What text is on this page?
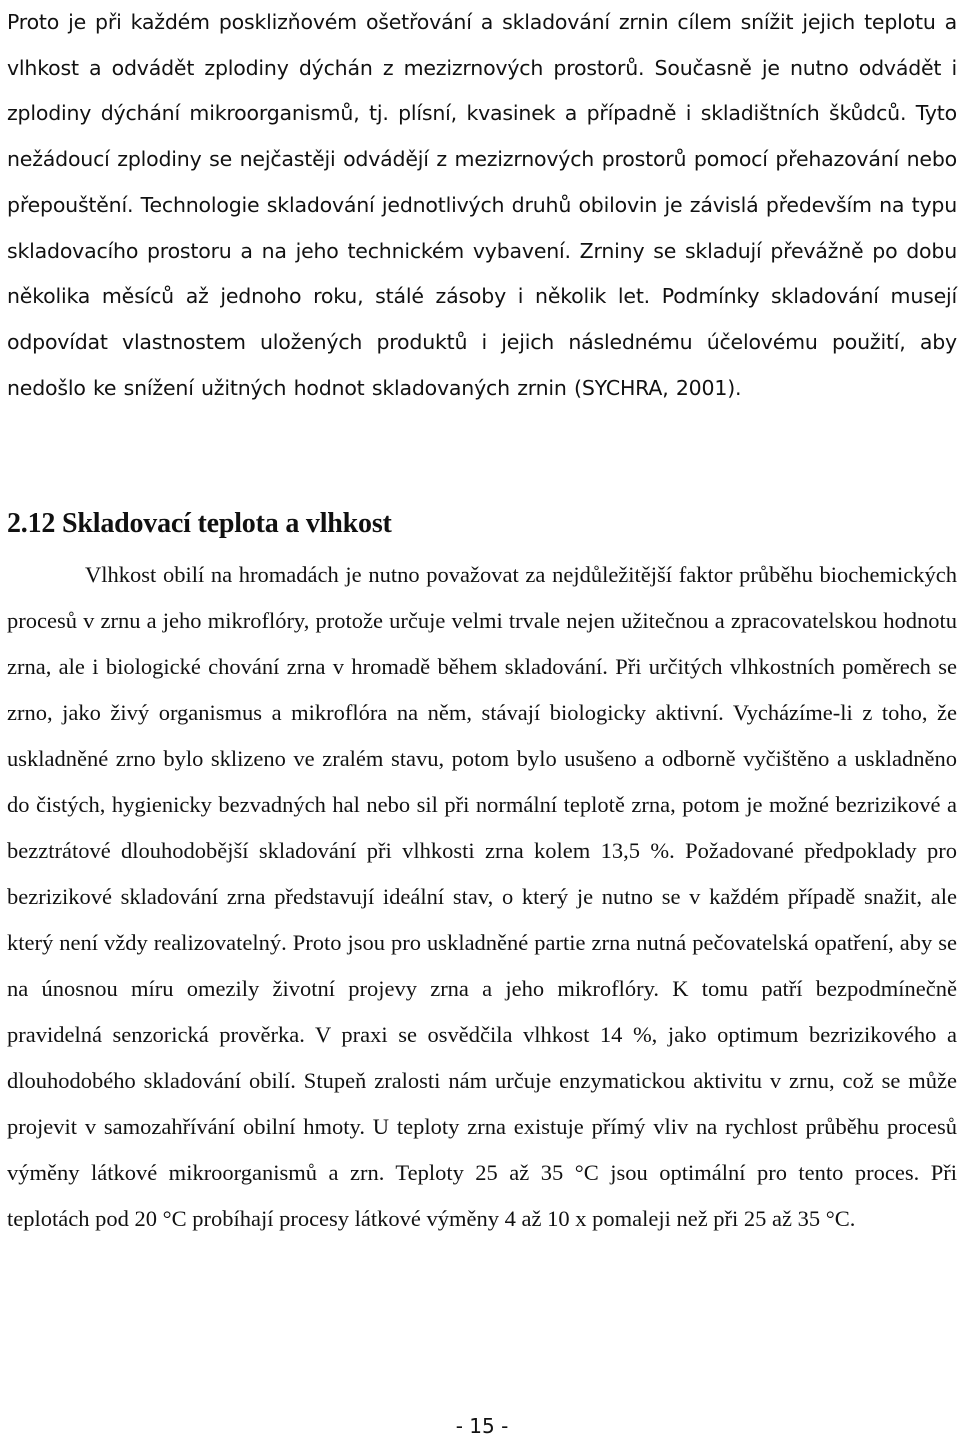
Proto je při každém posklizňovém ošetřování a skladování zrnin cílem snížit jejich teplotu a vlhkost a odvádět zplodiny dýchán z mezizrnových prostorů. Současně je nutno odvádět i zplodiny dýchání mikroorganismů, tj. plísní, kvasinek a případně i skladištních škůdců. Tyto nežádoucí zplodiny se nejčastěji odvádějí z mezizrnových prostorů pomocí přehazování nebo přepouštění. Technologie skladování jednotlivých druhů obilovin je závislá především na typu skladovacího prostoru a na jeho technickém vybavení. Zrniny se skladují převážně po dobu několika měsíců až jednoho roku, stálé zásoby i několik let. Podmínky skladování musejí odpovídat vlastnostem uložených produktů i jejich následnému účelovému použití, aby nedošlo ke snížení užitných hodnot skladovaných zrnin (SYCHRA, 2001).

2.12 Skladovací teplota a vlhkost

Vlhkost obilí na hromadách je nutno považovat za nejdůležitější faktor průběhu biochemických procesů v zrnu a jeho mikroflóry, protože určuje velmi trvale nejen užitečnou a zpracovatelskou hodnotu zrna, ale i biologické chování zrna v hromadě během skladování. Při určitých vlhkostních poměrech se zrno, jako živý organismus a mikroflóra na něm, stávají biologicky aktivní. Vycházíme-li z toho, že uskladněné zrno bylo sklizeno ve zralém stavu, potom bylo usušeno a odborně vyčištěno a uskladněno do čistých, hygienicky bezvadných hal nebo sil při normální teplotě zrna, potom je možné bezrizikové a bezztrátové dlouhodobější skladování při vlhkosti zrna kolem 13,5 %. Požadované předpoklady pro bezrizikové skladování zrna představují ideální stav, o který je nutno se v každém případě snažit, ale který není vždy realizovatelný. Proto jsou pro uskladněné partie zrna nutná pečovatelská opatření, aby se na únosnou míru omezily životní projevy zrna a jeho mikroflóry. K tomu patří bezpodmínečně pravidelná senzorická prověrka. V praxi se osvědčila vlhkost 14 %, jako optimum bezrizikového a dlouhodobého skladování obilí. Stupeň zralosti nám určuje enzymatickou aktivitu v zrnu, což se může projevit v samozahřívání obilní hmoty. U teploty zrna existuje přímý vliv na rychlost průběhu procesů výměny látkové mikroorganismů a zrn. Teploty 25 až 35 °C jsou optimální pro tento proces. Při teplotách pod 20 °C probíhají procesy látkové výměny 4 až 10 x pomaleji než při 25 až 35 °C.

- 15 -
